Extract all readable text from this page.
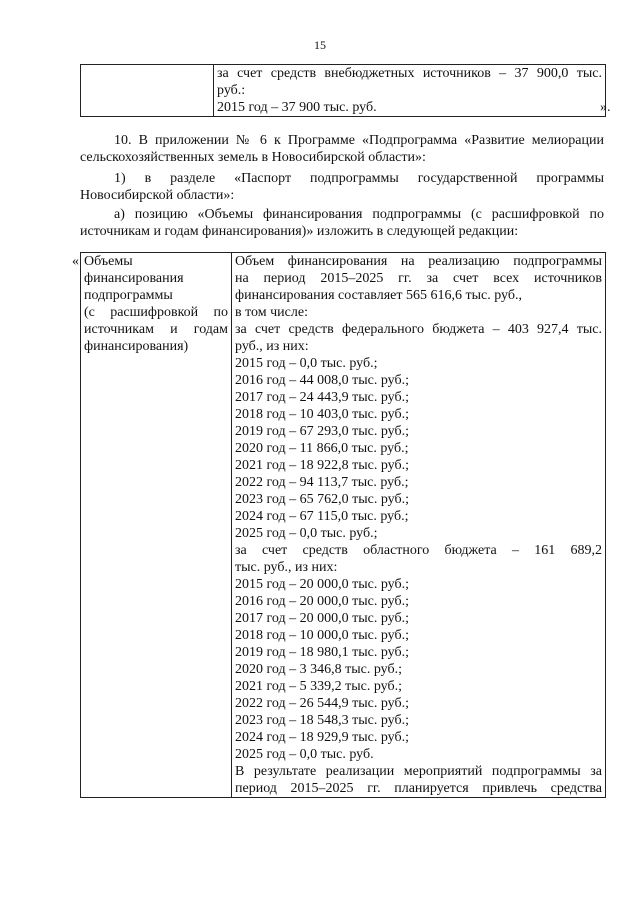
15

за счет средств внебюджетных источников – 37 900,0 тыс.
руб.:
2015 год – 37 900 тыс. руб.	».
10. В приложении № 6 к Программе «Подпрограмма «Развитие мелиорации
сельскохозяйственных земель в Новосибирской области»:
1) в разделе «Паспорт подпрограммы государственной программы
Новосибирской области»:
а) позицию «Объемы финансирования подпрограммы (с расшифровкой по
источникам и годам финансирования)» изложить в следующей редакции:
« Объемы
финансирования
подпрограммы
(с расшифровкой по
источникам и годам
финансирования)

Объем финансирования на реализацию подпрограммы
на период 2015–2025 гг. за счет всех источников
финансирования составляет 565 616,6 тыс. руб.,
в том числе:
за счет средств федерального бюджета – 403 927,4 тыс.
руб., из них:
2015 год – 0,0 тыс. руб.;
2016 год – 44 008,0 тыс. руб.;
2017 год – 24 443,9 тыс. руб.;
2018 год – 10 403,0 тыс. руб.;
2019 год – 67 293,0 тыс. руб.;
2020 год – 11 866,0 тыс. руб.;
2021 год – 18 922,8 тыс. руб.;
2022 год – 94 113,7 тыс. руб.;
2023 год – 65 762,0 тыс. руб.;
2024 год – 67 115,0 тыс. руб.;
2025 год – 0,0 тыс. руб.;
за счет средств областного бюджета – 161 689,2
тыс. руб., из них:
2015 год – 20 000,0 тыс. руб.;
2016 год – 20 000,0 тыс. руб.;
2017 год – 20 000,0 тыс. руб.;
2018 год – 10 000,0 тыс. руб.;
2019 год – 18 980,1 тыс. руб.;
2020 год – 3 346,8 тыс. руб.;
2021 год – 5 339,2 тыс. руб.;
2022 год – 26 544,9 тыс. руб.;
2023 год – 18 548,3 тыс. руб.;
2024 год – 18 929,9 тыс. руб.;
2025 год – 0,0 тыс. руб.
В результате реализации мероприятий подпрограммы за
период 2015–2025 гг. планируется привлечь средства
